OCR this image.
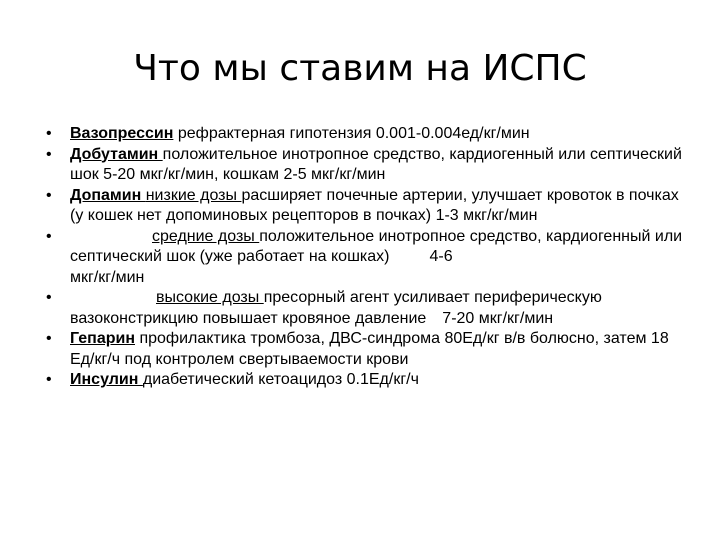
Что мы ставим на ИСПС
•	Вазопрессин рефрактерная гипотензия 0.001-0.004ед/кг/мин
•	Добутамин положительное инотропное средство, кардиогенный или септический шок 5-20 мкг/кг/мин, кошкам 2-5 мкг/кг/мин
•	Допамин низкие дозы расширяет почечные артерии, улучшает кровоток в почках (у кошек нет допоминовых рецепторов в почках) 1-3 мкг/кг/мин
•	средние дозы положительное инотропное средство, кардиогенный или септический шок (уже работает на кошках)	4-6
мкг/кг/мин
•	высокие дозы пресорный агент усиливает периферическую вазоконстрикцию повышает кровяное давление 7-20 мкг/кг/мин
•	Гепарин профилактика тромбоза, ДВС-синдрома 80Ед/кг в/в болюсно, затем 18 Ед/кг/ч под контролем свертываемости крови
•	Инсулин диабетический кетоацидоз 0.1Ед/кг/ч
